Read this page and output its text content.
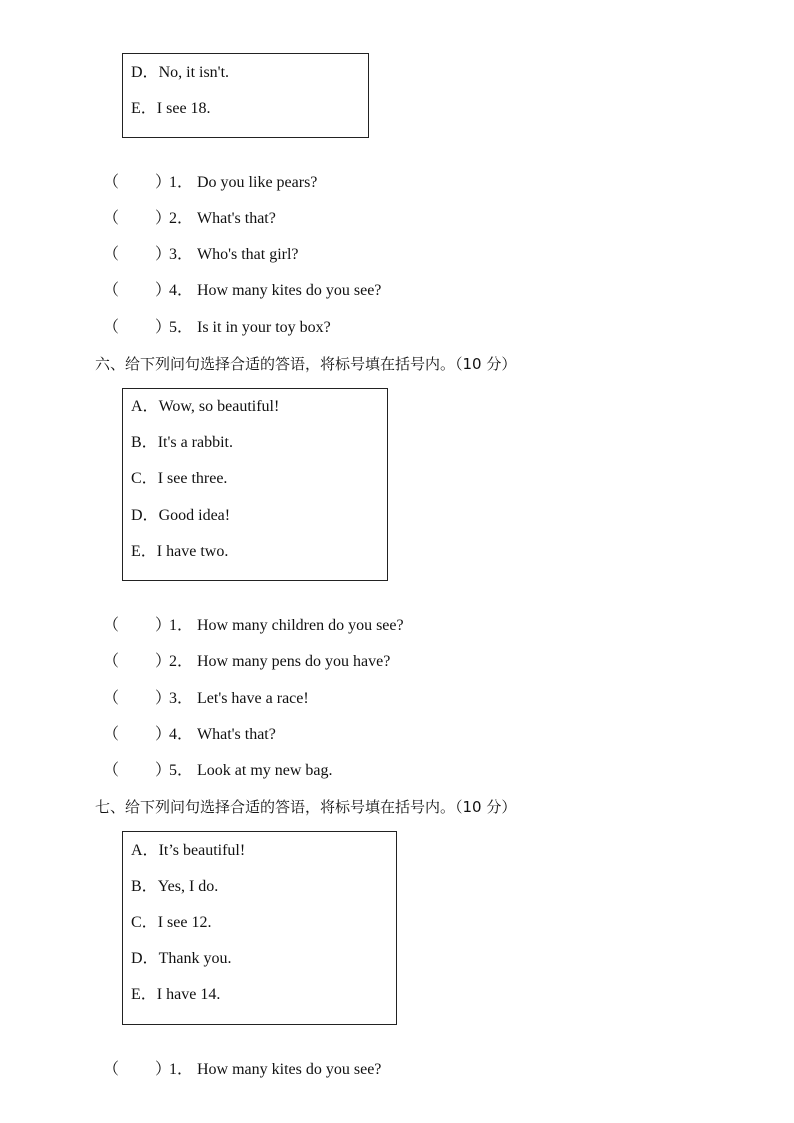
D．No, it isn't.
E．I see 18.
（ ）1． Do you like pears?
（ ）2． What's that?
（ ）3． Who's that girl?
（ ）4． How many kites do you see?
（ ）5． Is it in your toy box?
六、给下列问句选择合适的答语，将标号填在括号内。（10 分）
A．Wow, so beautiful!
B．It's a rabbit.
C．I see three.
D．Good idea!
E．I have two.
（ ）1． How many children do you see?
（ ）2． How many pens do you have?
（ ）3． Let's have a race!
（ ）4． What's that?
（ ）5． Look at my new bag.
七、给下列问句选择合适的答语，将标号填在括号内。（10 分）
A．It’s beautiful!
B．Yes, I do.
C．I see 12.
D．Thank you.
E．I have 14.
（ ）1． How many kites do you see?
